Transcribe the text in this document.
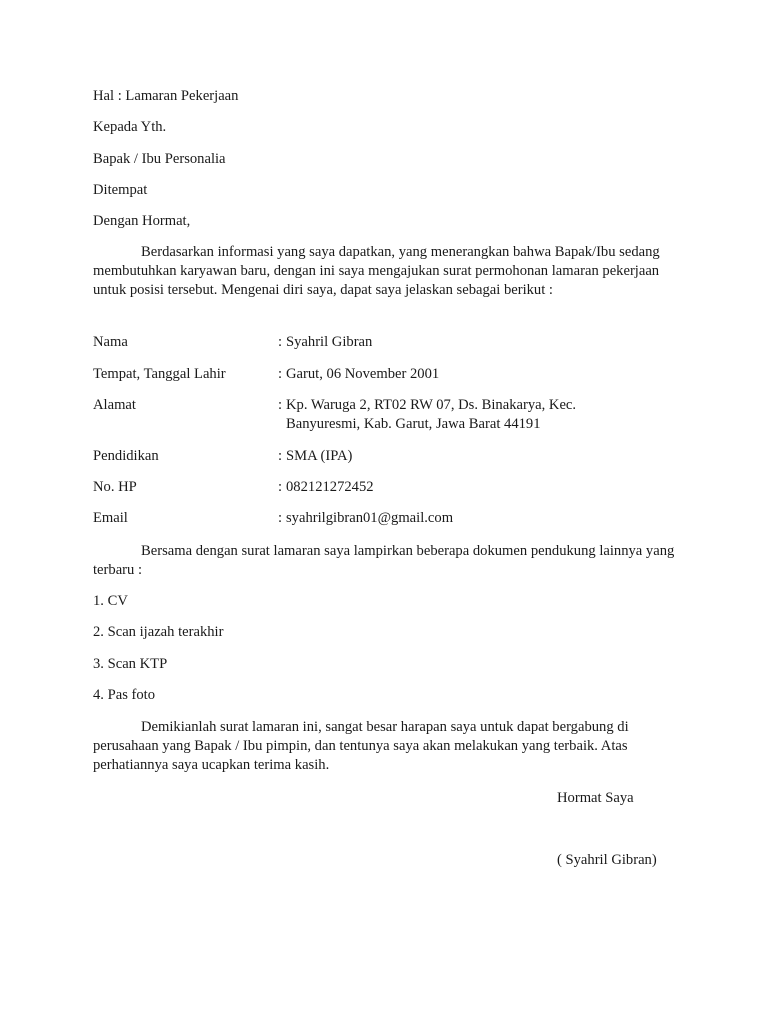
Hal : Lamaran Pekerjaan
Kepada Yth.
Bapak / Ibu Personalia
Ditempat
Dengan Hormat,
Berdasarkan informasi yang saya dapatkan, yang menerangkan bahwa Bapak/Ibu sedang membutuhkan karyawan baru, dengan ini saya mengajukan surat permohonan lamaran pekerjaan untuk posisi tersebut. Mengenai diri saya, dapat saya jelaskan sebagai berikut :
Nama	: Syahril Gibran
Tempat, Tanggal Lahir	: Garut, 06 November 2001
Alamat	: Kp. Waruga 2, RT02 RW 07, Ds. Binakarya, Kec.
Banyuresmi, Kab. Garut, Jawa Barat 44191
Pendidikan	: SMA (IPA)
No. HP	: 082121272452
Email	: syahrilgibran01@gmail.com
Bersama dengan surat lamaran saya lampirkan beberapa dokumen pendukung lainnya yang terbaru :
1. CV
2. Scan ijazah terakhir
3. Scan KTP
4. Pas foto
Demikianlah surat lamaran ini, sangat besar harapan saya untuk dapat bergabung di perusahaan yang Bapak / Ibu pimpin, dan tentunya saya akan melakukan yang terbaik. Atas perhatiannya saya ucapkan terima kasih.
Hormat Saya
( Syahril Gibran)
